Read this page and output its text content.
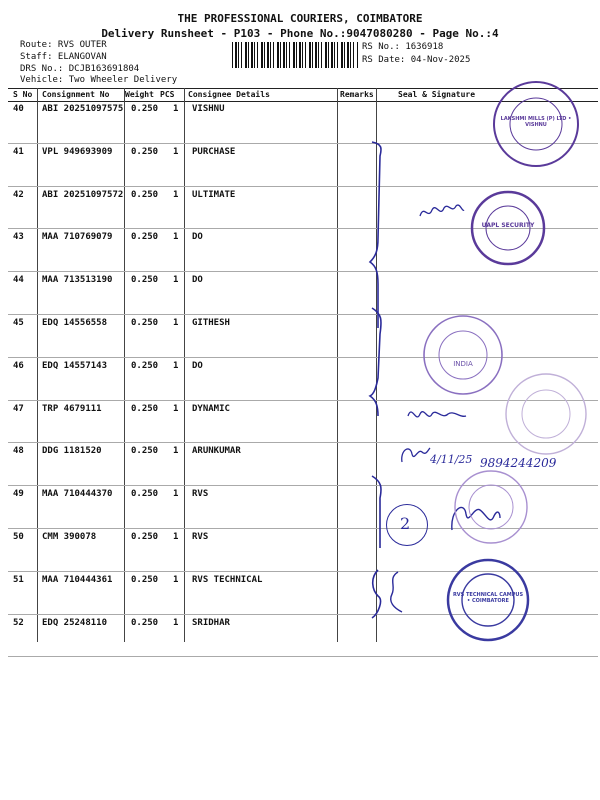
THE PROFESSIONAL COURIERS, COIMBATORE
Delivery Runsheet - P103 - Phone No.:9047080280 - Page No.:4
Route: RVS OUTER
Staff: ELANGOVAN
DRS No.: DCJB163691804
Vehicle: Two Wheeler Delivery
RS No.: 1636918
RS Date: 04-Nov-2025
S No Consignment No Weight PCS Consignee Details	Remarks	Seal & Signature
40 ABI 20251097575 0.250 1 VISHNU
41 VPL 949693909	0.250 1 PURCHASE
42 ABI 20251097572 0.250 1 ULTIMATE
43 MAA 710769079	0.250 1 DO
44 MAA 713513190	0.250 1 DO
45 EDQ 14556558	0.250 1 GITHESH
46 EDQ 14557143	0.250 1 DO
47 TRP 4679111	0.250 1 DYNAMIC
48 DDG 1181520	0.250 1 ARUNKUMAR
49 MAA 710444370	0.250 1 RVS
50 CMM 390078	0.250 1 RVS
51 MAA 710444361	0.250 1 RVS TECHNICAL
52 EDQ 25248110	0.250 1 SRIDHAR
2
4/11/25 9894244209
LAKSHMI MILLS (P) LTD • VISHNU
UAPL SECURITY
INDIA
RVS TECHNICAL CAMPUS • COIMBATORE
